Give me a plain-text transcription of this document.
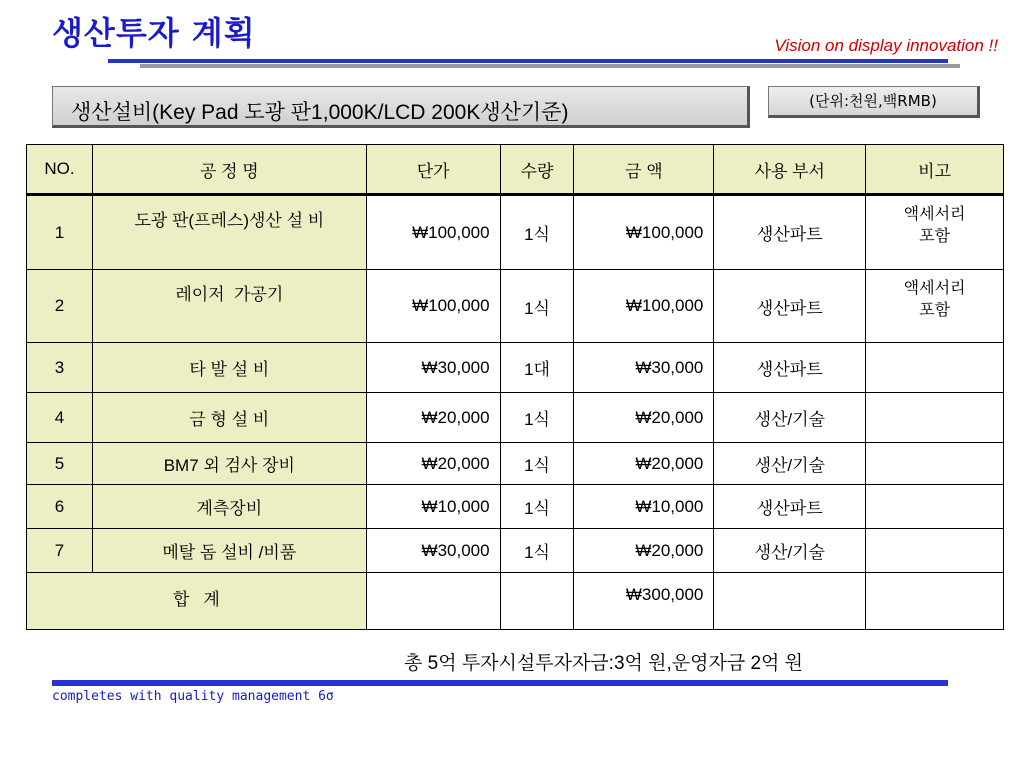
생산투자 계획	Vision on display innovation !!
생산설비(Key Pad 도광 판1,000K/LCD 200K생산기준)	(단위:천원,백RMB)
NO.	공 정 명	단가	수량	금 액	사용 부서	비고
1	도광 판(프레스)생산 설 비	₩100,000	1식	₩100,000	생산파트	액세서리
포함
2	레이저  가공기	₩100,000	1식	₩100,000	생산파트	액세서리
포함
3	타 발 설 비	₩30,000	1대	₩30,000	생산파트	
4	금 형 설 비	₩20,000	1식	₩20,000	생산/기술	
5	BM7 외 검사 장비	₩20,000	1식	₩20,000	생산/기술	
6	계측장비	₩10,000	1식	₩10,000	생산파트	
7	메탈 돔 설비 /비품	₩30,000	1식	₩20,000	생산/기술	
합   계				₩300,000		
총 5억 투자시설투자자금:3억 원,운영자금 2억 원
completes with quality management 6σ
